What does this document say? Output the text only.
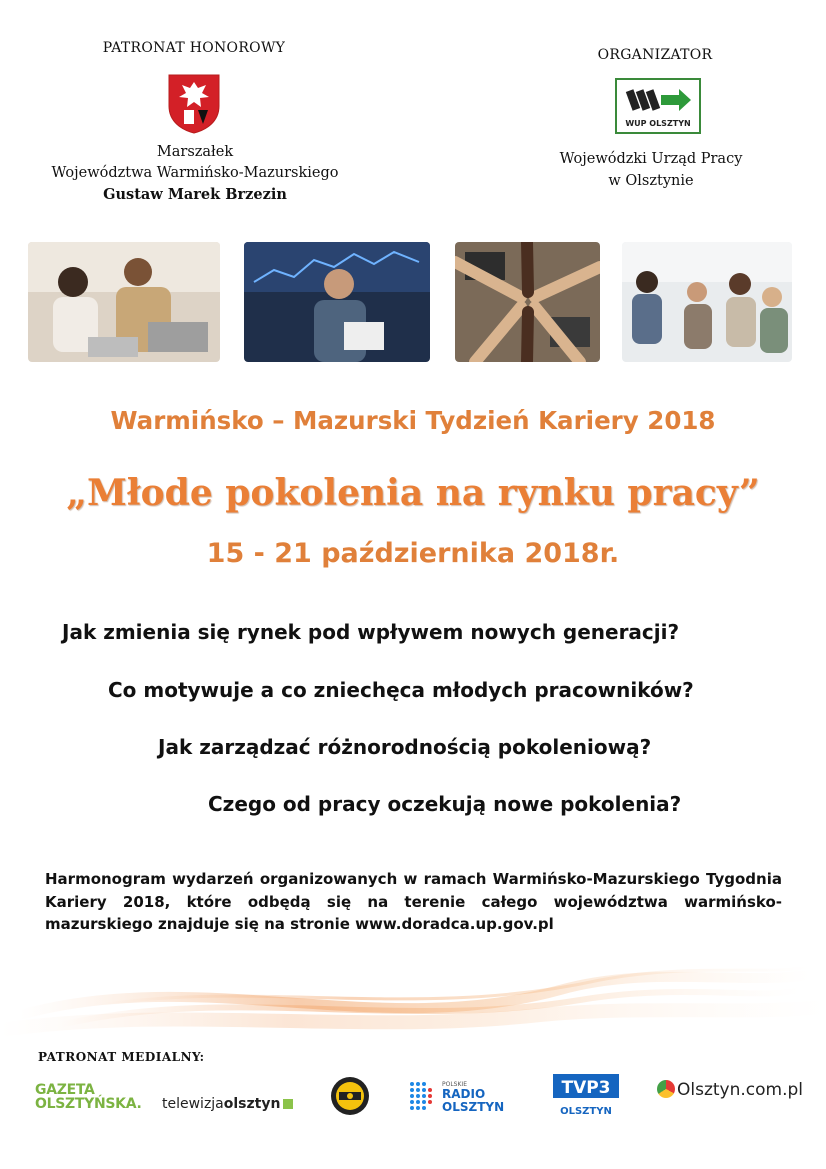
PATRONAT HONOROWY
Marszałek
Województwa Warmińsko-Mazurskiego
Gustaw Marek Brzezin
ORGANIZATOR
WUP OLSZTYN
Wojewódzki Urząd Pracy
w Olsztynie
Warmińsko – Mazurski Tydzień Kariery 2018
„Młode pokolenia na rynku pracy”
15 - 21 października 2018r.
Jak zmienia się rynek pod wpływem nowych generacji?
Co motywuje a co zniechęca młodych pracowników?
Jak zarządzać różnorodnością pokoleniową?
Czego od pracy oczekują nowe pokolenia?
Harmonogram wydarzeń organizowanych w ramach Warmińsko-Mazurskiego Tygodnia Kariery 2018, które odbędą się na terenie całego województwa warmińsko-mazurskiego znajduje się na stronie www.doradca.up.gov.pl
PATRONAT MEDIALNY:
GAZETA
OLSZTYŃSKA. telewizjaolsztyn
POLSKIE
RADIO
OLSZTYN
TVP3
OLSZTYN
Olsztyn.com.pl
